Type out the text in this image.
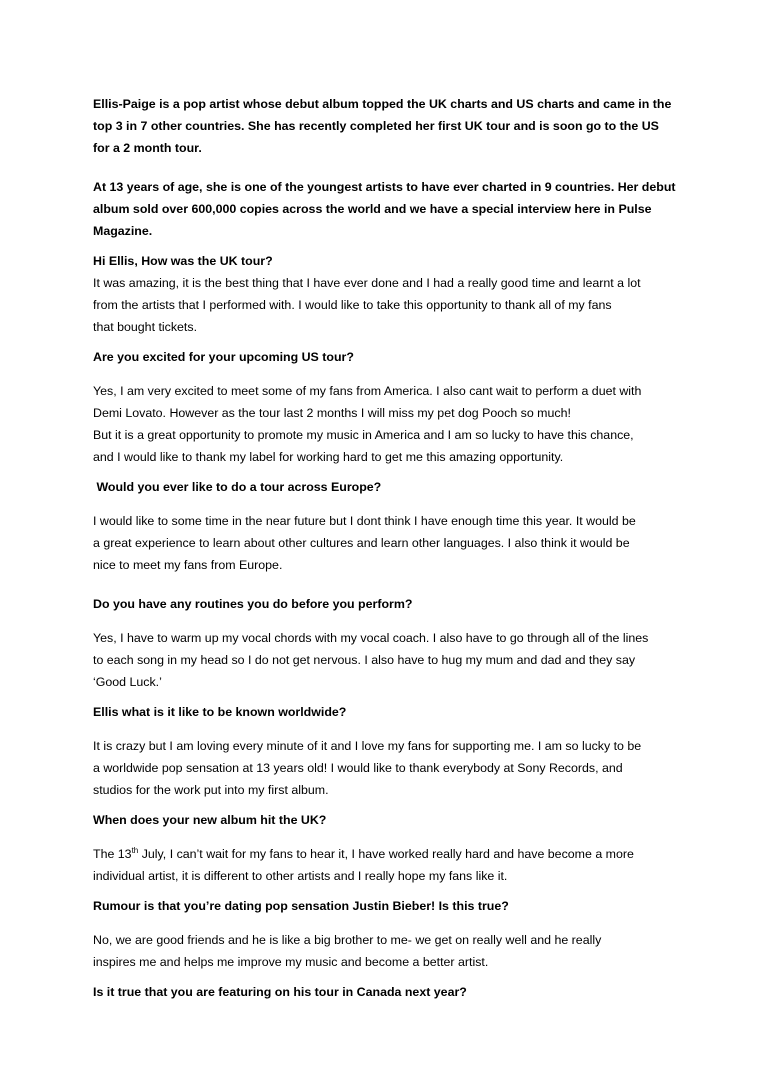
Ellis-Paige is a pop artist whose debut album topped the UK charts and US charts and came in the

top 3 in 7 other countries. She has recently completed her first UK tour and is soon go to the US

for a 2 month tour.

At 13 years of age, she is one of the youngest artists to have ever charted in 9 countries. Her debut

album sold over 600,000 copies across the world and we have a special interview here in Pulse

Magazine.

Hi Ellis, How was the UK tour?

It was amazing, it is the best thing that I have ever done and I had a really good time and learnt a lot

from the artists that I performed with. I would like to take this opportunity to thank all of my fans

that bought tickets.

Are you excited for your upcoming US tour?

Yes, I am very excited to meet some of my fans from America. I also cant wait to perform a duet with

Demi Lovato. However as the tour last 2 months I will miss my pet dog Pooch so much!

But it is a great opportunity to promote my music in America and I am so lucky to have this chance,

and I would like to thank my label for working hard to get me this amazing opportunity.

Would you ever like to do a tour across Europe?

I would like to some time in the near future but I dont think I have enough time this year. It would be

a great experience to learn about other cultures and learn other languages. I also think it would be

nice to meet my fans from Europe.

Do you have any routines you do before you perform?

Yes, I have to warm up my vocal chords with my vocal coach. I also have to go through all of the lines

to each song in my head so I do not get nervous. I also have to hug my mum and dad and they say

‘Good Luck.’

Ellis what is it like to be known worldwide?

It is crazy but I am loving every minute of it and I love my fans for supporting me. I am so lucky to be

a worldwide pop sensation at 13 years old! I would like to thank everybody at Sony Records, and

studios for the work put into my first album.

When does your new album hit the UK?

The 13th July, I can’t wait for my fans to hear it, I have worked really hard and have become a more

individual artist, it is different to other artists and I really hope my fans like it.

Rumour is that you’re dating pop sensation Justin Bieber! Is this true?

No, we are good friends and he is like a big brother to me- we get on really well and he really

inspires me and helps me improve my music and become a better artist.

Is it true that you are featuring on his tour in Canada next year?
